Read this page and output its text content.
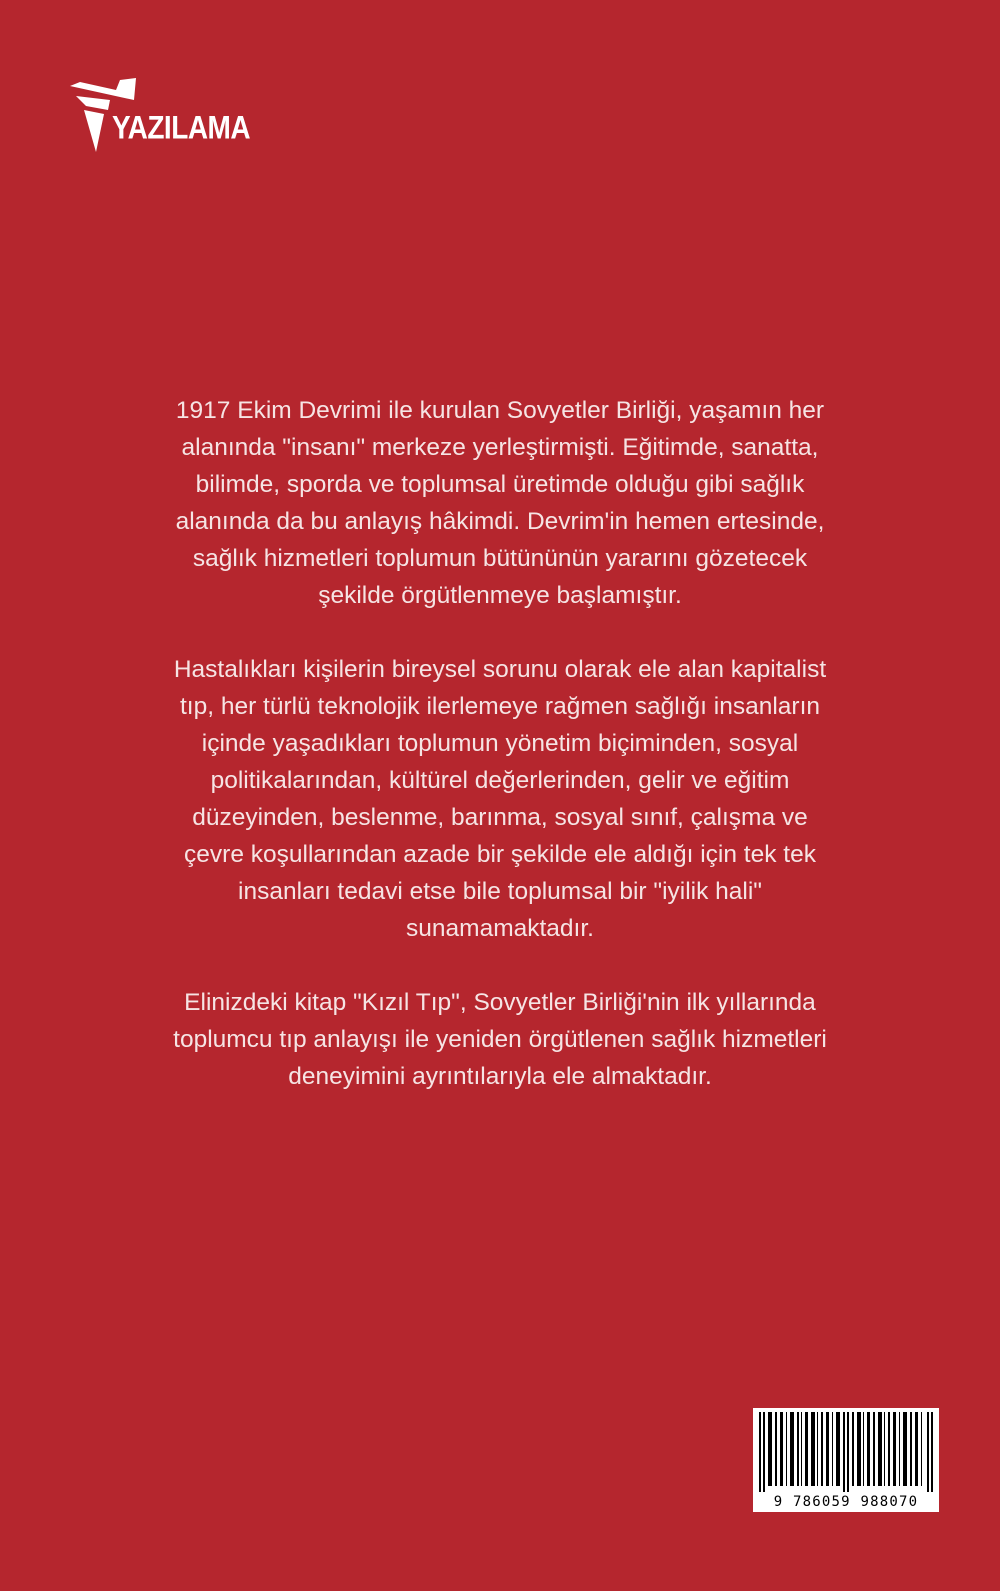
YAZILAMA

1917 Ekim Devrimi ile kurulan Sovyetler Birliği, yaşamın her alanında "insanı" merkeze yerleştirmişti. Eğitimde, sanatta, bilimde, sporda ve toplumsal üretimde olduğu gibi sağlık alanında da bu anlayış hâkimdi. Devrim'in hemen ertesinde, sağlık hizmetleri toplumun bütününün yararını gözetecek şekilde örgütlenmeye başlamıştır.

Hastalıkları kişilerin bireysel sorunu olarak ele alan kapitalist tıp, her türlü teknolojik ilerlemeye rağmen sağlığı insanların içinde yaşadıkları toplumun yönetim biçiminden, sosyal politikalarından, kültürel değerlerinden, gelir ve eğitim düzeyinden, beslenme, barınma, sosyal sınıf, çalışma ve çevre koşullarından azade bir şekilde ele aldığı için tek tek insanları tedavi etse bile toplumsal bir "iyilik hali" sunamamaktadır.

Elinizdeki kitap "Kızıl Tıp", Sovyetler Birliği'nin ilk yıllarında toplumcu tıp anlayışı ile yeniden örgütlenen sağlık hizmetleri deneyimini ayrıntılarıyla ele almaktadır.

9 786059 988070
